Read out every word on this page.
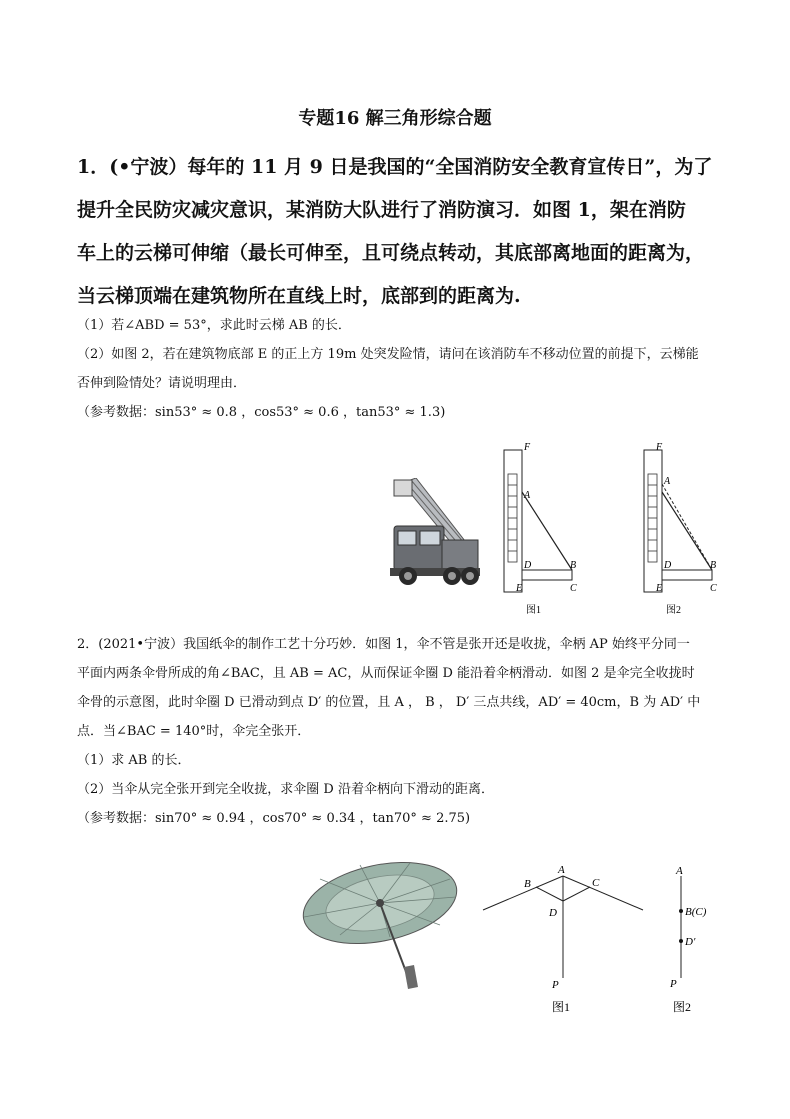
专题16 解三角形综合题

1．(•宁波）每年的 11 月 9 日是我国的“全国消防安全教育宣传日”，为了

提升全民防灾减灾意识，某消防大队进行了消防演习．如图 1，架在消防

车上的云梯可伸缩（最长可伸至，且可绕点转动，其底部离地面的距离为，

当云梯顶端在建筑物所在直线上时，底部到的距离为.

（1）若∠ABD = 53°，求此时云梯 AB 的长．

（2）如图 2，若在建筑物底部 E 的正上方 19m 处突发险情，请问在该消防车不移动位置的前提下，云梯能

否伸到险情处？请说明理由．

（参考数据：sin53° ≈ 0.8 ，cos53° ≈ 0.6 ，tan53° ≈ 1.3)

F
A
D	B
E	C
图1
F
A
D	B
E	C
图2

2．(2021•宁波）我国纸伞的制作工艺十分巧妙．如图 1，伞不管是张开还是收拢，伞柄 AP 始终平分同一

平面内两条伞骨所成的角∠BAC，且 AB = AC，从而保证伞圈 D 能沿着伞柄滑动．如图 2 是伞完全收拢时

伞骨的示意图，此时伞圈 D 已滑动到点 D′ 的位置，且 A ， B ， D′ 三点共线，AD′ = 40cm，B 为 AD′ 中

点．当∠BAC = 140°时，伞完全张开．

（1）求 AB 的长．

（2）当伞从完全张开到完全收拢，求伞圈 D 沿着伞柄向下滑动的距离．

（参考数据：sin70° ≈ 0.94 ，cos70° ≈ 0.34 ，tan70° ≈ 2.75)

A
B	C
D
P
图1
A
B(C)
D′
P
图2
